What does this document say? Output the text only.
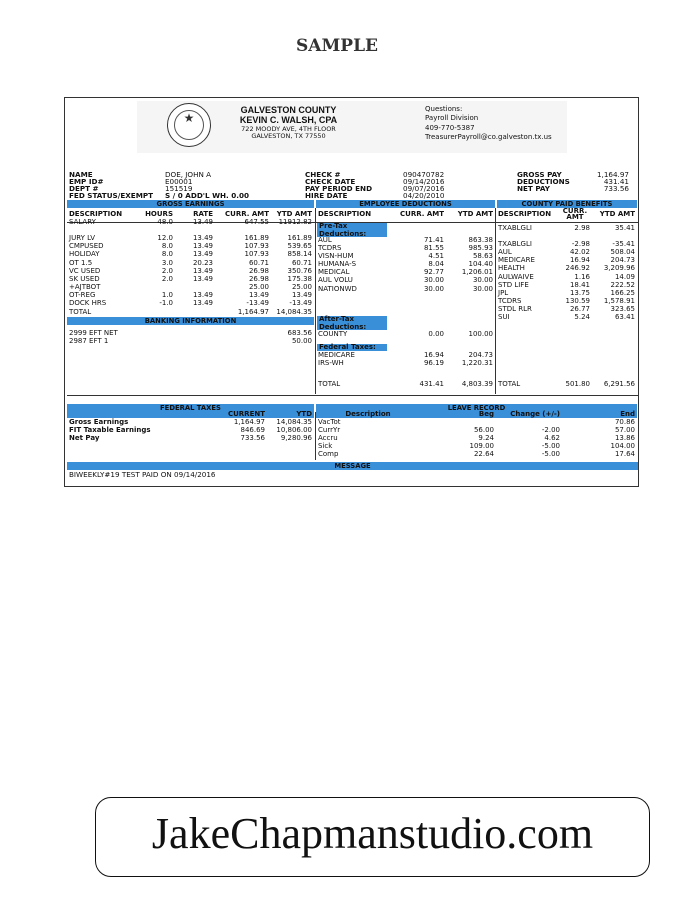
SAMPLE
★
GALVESTON COUNTY
KEVIN C. WALSH, CPA
722 MOODY AVE, 4TH FLOOR
GALVESTON, TX 77550
Questions:
Payroll Division
409-770-5387
TreasurerPayroll@co.galveston.tx.us
NAME	DOE, JOHN A
EMP ID#	E00001
DEPT #	151519
FED STATUS/EXEMPT S / 0 ADD'L WH. 0.00
CHECK #	090470782
CHECK DATE	09/14/2016
PAY PERIOD END	09/07/2016
HIRE DATE	04/20/2010
GROSS PAY	1,164.97
DEDUCTIONS	431.41
NET PAY	733.56
GROSS EARNINGS	EMPLOYEE DEDUCTIONS	COUNTY PAID BENEFITS
DESCRIPTION	HOURS	RATE	CURR. AMT	YTD AMT
SALARY	48.0	13.49	647.55	11912.82

JURY LV	12.0	13.49	161.89	161.89
CMPUSED	8.0	13.49	107.93	539.65
HOLIDAY	8.0	13.49	107.93	858.14
OT 1.5	3.0	20.23	60.71	60.71
VC USED	2.0	13.49	26.98	350.76
SK USED	2.0	13.49	26.98	175.38
+AJTBOT			25.00	25.00
OT-REG	1.0	13.49	13.49	13.49
DOCK HRS	-1.0	13.49	-13.49	-13.49
TOTAL			1,164.97	14,084.35
BANKING INFORMATION
2999 EFT NET	683.56
2987 EFT 1	50.00
DESCRIPTION	CURR. AMT	YTD AMT
Pre-Tax Deductions:
AUL	71.41	863.38
TCDRS	81.55	985.93
VISN-HUM	4.51	58.63
HUMANA-S	8.04	104.40
MEDICAL	92.77	1,206.01
AUL VOLU	30.00	30.00
NATIONWD	30.00	30.00
After-Tax Deductions:
COUNTY	0.00	100.00
Federal Taxes:
MEDICARE	16.94	204.73
IRS-WH	96.19	1,220.31
TOTAL	431.41	4,803.39
DESCRIPTION	CURR. AMT	YTD AMT
TXABLGLI	2.98	35.41

TXABLGLI	-2.98	-35.41
AUL	42.02	508.04
MEDICARE	16.94	204.73
HEALTH	246.92	3,209.96
AULWAIVE	1.16	14.09
STD LIFE	18.41	222.52
JPL	13.75	166.25
TCDRS	130.59	1,578.91
STDL RLR	26.77	323.65
SUI	5.24	63.41
TOTAL	501.80	6,291.56
FEDERAL TAXES	LEAVE RECORD
	CURRENT	YTD
Gross Earnings	1,164.97	14,084.35
FIT Taxable Earnings	846.69	10,806.00
Net Pay	733.56	9,280.96
Description	Beg	Change (+/-)	End
VacTot			70.86
CurrYr	56.00	-2.00	57.00
Accru	9.24	4.62	13.86
Sick	109.00	-5.00	104.00
Comp	22.64	-5.00	17.64
MESSAGE
BIWEEKLY#19 TEST PAID ON 09/14/2016
JakeChapmanstudio.com
